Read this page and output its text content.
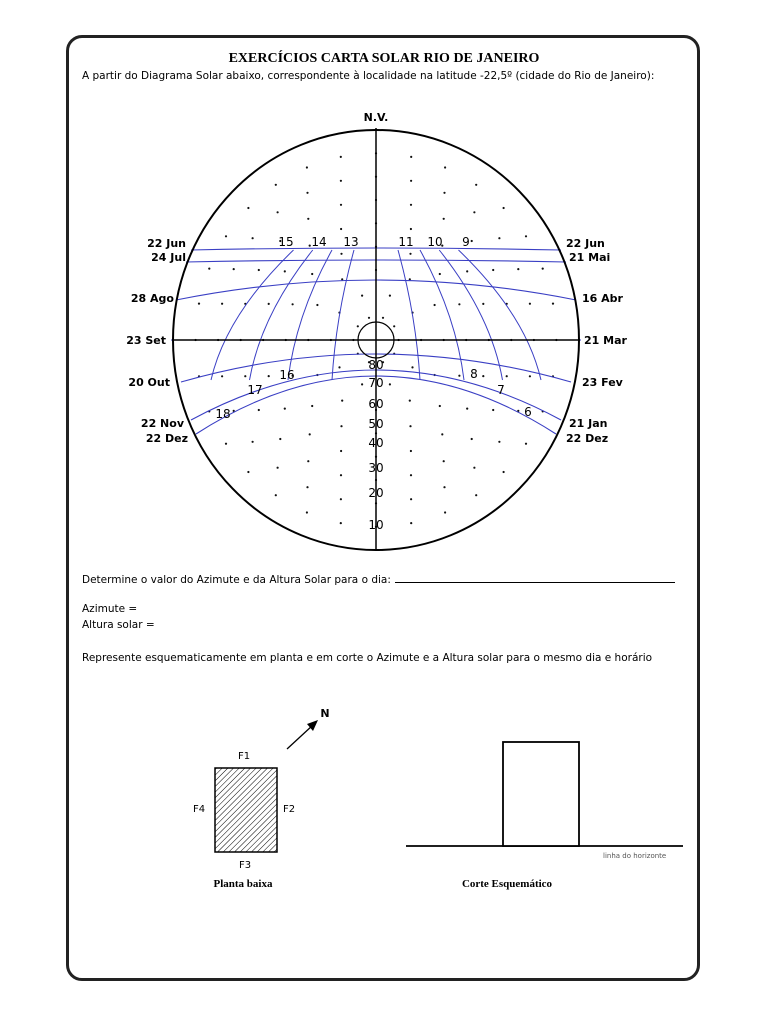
EXERCÍCIOS CARTA SOLAR RIO DE JANEIRO
A partir do Diagrama Solar abaixo, correspondente à localidade na latitude -22,5º (cidade do Rio de Janeiro):
N.V.
22 Jun
24 Jul
28 Ago
23 Set
20 Out
22 Nov
22 Dez
22 Jun
21 Mai
16 Abr
21 Mar
23 Fev
21 Jan
22 Dez
15 14 13	11 10 9
18
17
16	8
7
6
80
70
60
50
40
30
20
10
N
F1
F2
F3
F4
Planta baixa
linha do horizonte
Corte Esquemático
Determine o valor do Azimute e da Altura Solar para o dia:
Azimute =
Altura solar =
Represente esquematicamente em planta e em corte o Azimute e a Altura solar para o mesmo dia e horário
